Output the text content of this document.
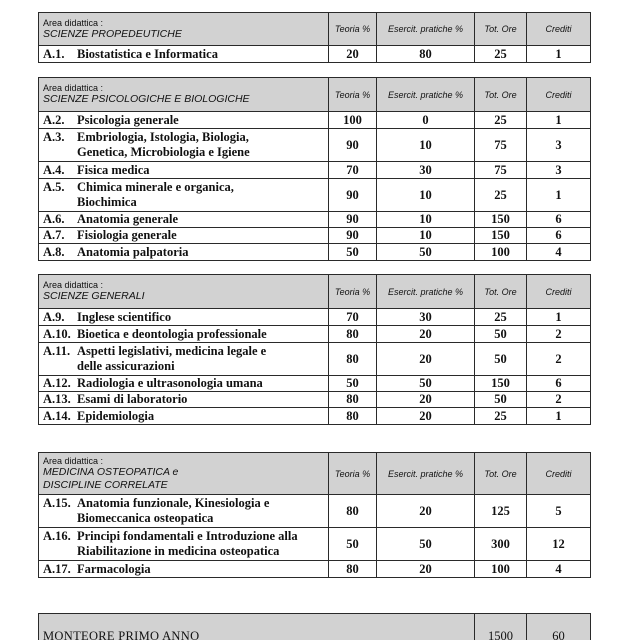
Area didattica :
SCIENZE PROPEDEUTICHE	Teoria %	Esercit. pratiche %	Tot. Ore	Crediti
A.1. Biostatistica e Informatica	20	80	25	1
Area didattica :
SCIENZE PSICOLOGICHE E BIOLOGICHE	Teoria %	Esercit. pratiche %	Tot. Ore	Crediti
A.2. Psicologia generale	100	0	25	1
A.3. Embriologia, Istologia, Biologia,
Genetica, Microbiologia e Igiene	90	10	75	3
A.4. Fisica medica	70	30	75	3
A.5. Chimica minerale e organica,
Biochimica	90	10	25	1
A.6. Anatomia generale	90	10	150	6
A.7. Fisiologia generale	90	10	150	6
A.8. Anatomia palpatoria	50	50	100	4
Area didattica :
SCIENZE GENERALI	Teoria %	Esercit. pratiche %	Tot. Ore	Crediti
A.9. Inglese scientifico	70	30	25	1
A.10. Bioetica e deontologia professionale	80	20	50	2
A.11. Aspetti legislativi, medicina legale e
delle assicurazioni	80	20	50	2
A.12. Radiologia e ultrasonologia umana	50	50	150	6
A.13. Esami di laboratorio	80	20	50	2
A.14. Epidemiologia	80	20	25	1
Area didattica :
MEDICINA OSTEOPATICA e
DISCIPLINE CORRELATE	Teoria %	Esercit. pratiche %	Tot. Ore	Crediti
A.15. Anatomia funzionale, Kinesiologia e
Biomeccanica osteopatica	80	20	125	5
A.16. Principi fondamentali e Introduzione alla
Riabilitazione in medicina osteopatica	50	50	300	12
A.17. Farmacologia	80	20	100	4
MONTEORE PRIMO ANNO	1500	60
